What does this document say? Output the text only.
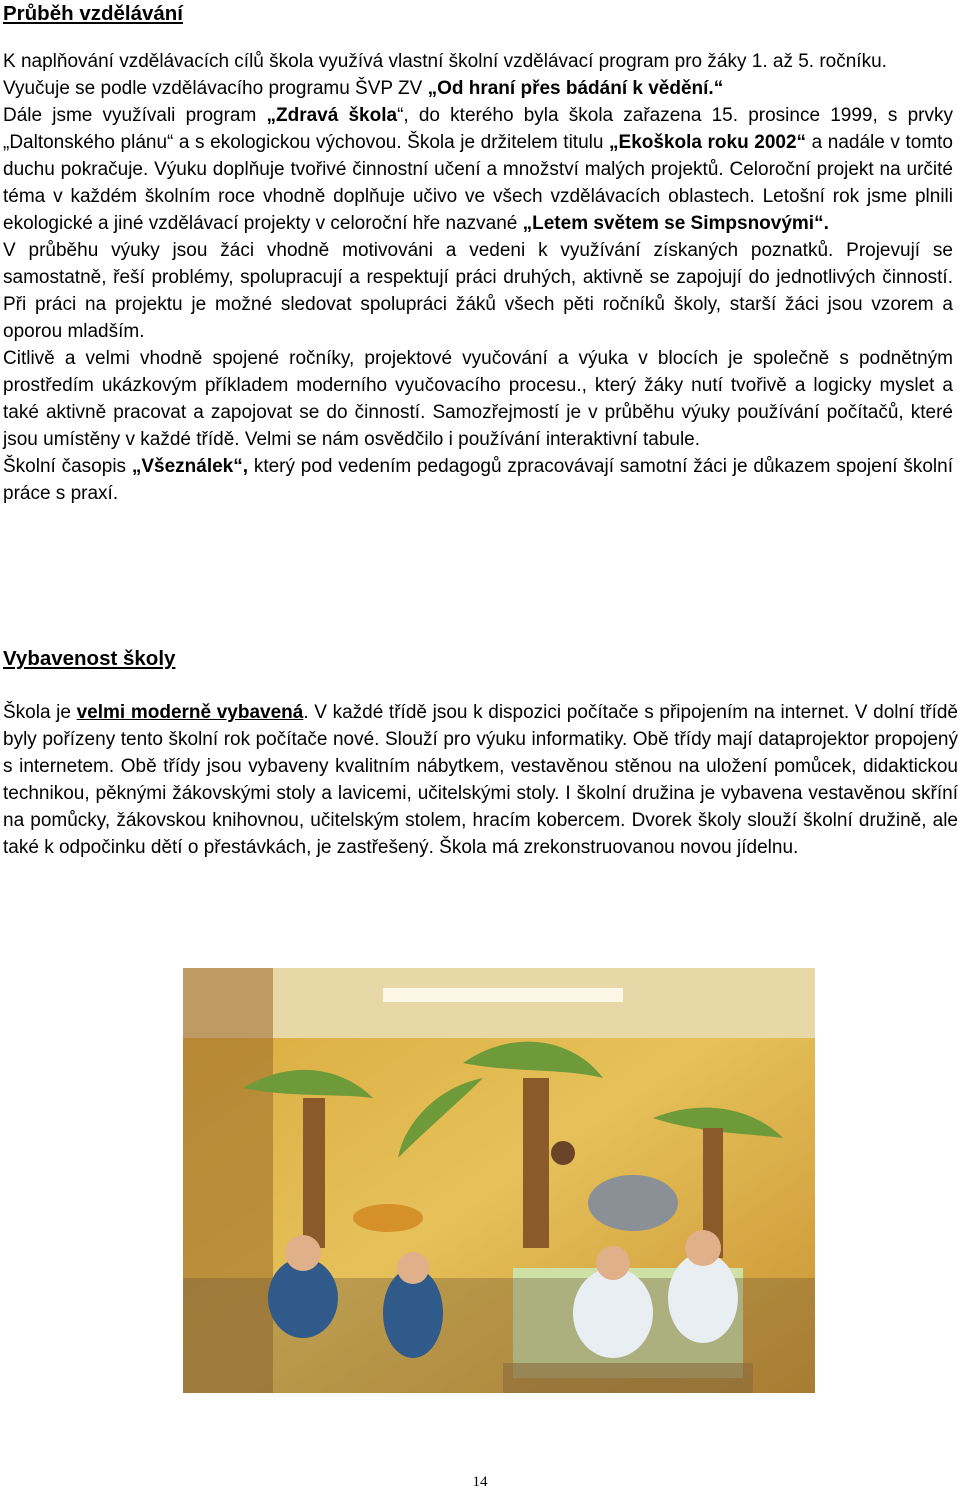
Průběh vzdělávání

K naplňování vzdělávacích cílů škola využívá vlastní školní vzdělávací program pro žáky 1. až 5. ročníku.
Vyučuje se podle vzdělávacího programu ŠVP ZV „Od hraní přes bádání k vědění.“
Dále jsme využívali program „Zdravá škola“, do kterého byla škola zařazena 15. prosince 1999, s prvky „Daltonského plánu“ a s ekologickou výchovou. Škola je držitelem titulu „Ekoškola roku 2002“ a nadále v tomto duchu pokračuje. Výuku doplňuje tvořivé činnostní učení a množství malých projektů. Celoroční projekt na určité téma v každém školním roce vhodně doplňuje učivo ve všech vzdělávacích oblastech. Letošní rok jsme plnili ekologické a jiné vzdělávací projekty v celoroční hře nazvané „Letem světem se Simpsnovými“.

V průběhu výuky jsou žáci vhodně motivováni a vedeni k využívání získaných poznatků. Projevují se samostatně, řeší problémy, spolupracují a respektují práci druhých, aktivně se zapojují do jednotlivých činností. Při práci na projektu je možné sledovat spolupráci žáků všech pěti ročníků školy, starší žáci jsou vzorem a oporou mladším.

Citlivě a velmi vhodně spojené ročníky, projektové vyučování a výuka v blocích je společně s podnětným prostředím ukázkovým příkladem moderního vyučovacího procesu., který žáky nutí tvořivě a logicky myslet a také aktivně pracovat a zapojovat se do činností. Samozřejmostí je v průběhu výuky používání počítačů, které jsou umístěny v každé třídě. Velmi se nám osvědčilo i používání interaktivní tabule.

Školní časopis „Všeználek“, který pod vedením pedagogů zpracovávají samotní žáci je důkazem spojení školní práce s praxí.

Vybavenost školy

Škola je velmi moderně vybavená. V každé třídě jsou k dispozici počítače s připojením na internet. V dolní třídě byly pořízeny tento školní rok počítače nové. Slouží pro výuku informatiky. Obě třídy mají dataprojektor propojený s internetem. Obě třídy jsou vybaveny kvalitním nábytkem, vestavěnou stěnou na uložení pomůcek, didaktickou technikou, pěknými žákovskými stoly a lavicemi, učitelskými stoly. I školní družina je vybavena vestavěnou skříní na pomůcky, žákovskou knihovnou, učitelským stolem, hracím kobercem. Dvorek školy slouží školní družině, ale také k odpočinku dětí o přestávkách, je zastřešený. Škola má zrekonstruovanou novou jídelnu.

14
